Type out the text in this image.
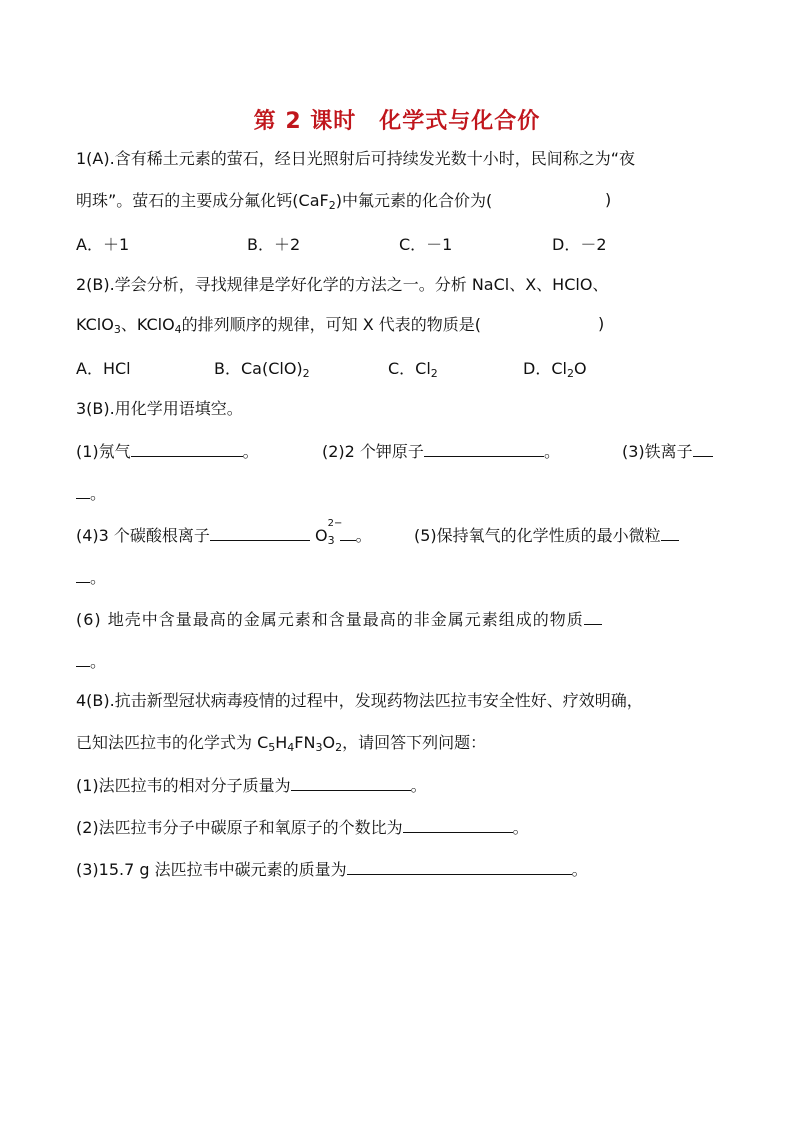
第 2 课时　化学式与化合价
1(A).含有稀土元素的萤石，经日光照射后可持续发光数十小时，民间称之为“夜
明珠”。萤石的主要成分氟化钙(CaF$_2$)中氟元素的化合价为(	)
A．＋1	B．＋2	C．－1	D．－2
2(B).学会分析，寻找规律是学好化学的方法之一。分析 NaCl、X、HClO、
KClO$_3$、KClO$_4$的排列顺序的规律，可知 X 代表的物质是(	)
A．HCl	B．$Ca(ClO)_2$	C．$Cl_2$	D．$Cl_2O$
3(B).用化学用语填空。
(1)氖气	。	(2)2 个钾原子	。	(3)铁离子
。
(4)3 个碳酸根离子	O
2−
$_3$ 。	(5)保持氧气的化学性质的最小微粒
。
(6) 地壳中含量最高的金属元素和含量最高的非金属元素组成的物质
。
4(B).抗击新型冠状病毒疫情的过程中，发现药物法匹拉韦安全性好、疗效明确，
已知法匹拉韦的化学式为 $C_5H_4FN_3O_2$，请回答下列问题：
(1)法匹拉韦的相对分子质量为	。
(2)法匹拉韦分子中碳原子和氧原子的个数比为	。
(3)15.7 g 法匹拉韦中碳元素的质量为	。
